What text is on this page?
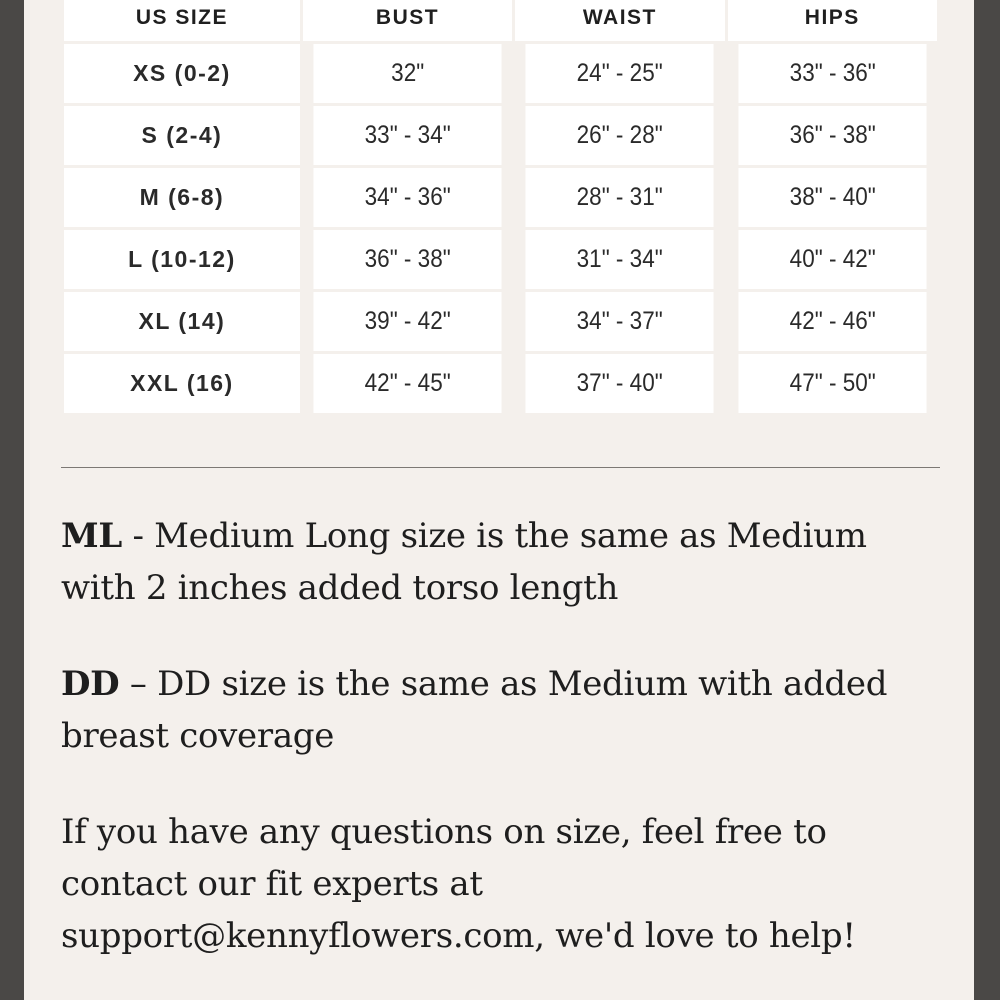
US SIZE	BUST	WAIST	HIPS
XS (0-2)	32"	24" - 25"	33" - 36"
S (2-4)	33" - 34"	26" - 28"	36" - 38"
M (6-8)	34" - 36"	28" - 31"	38" - 40"
L (10-12)	36" - 38"	31" - 34"	40" - 42"
XL (14)	39" - 42"	34" - 37"	42" - 46"
XXL (16)	42" - 45"	37" - 40"	47" - 50"
ML - Medium Long size is the same as Medium with 2 inches added torso length
DD – DD size is the same as Medium with added breast coverage
If you have any questions on size, feel free to contact our fit experts at support@kennyflowers.com, we'd love to help!
